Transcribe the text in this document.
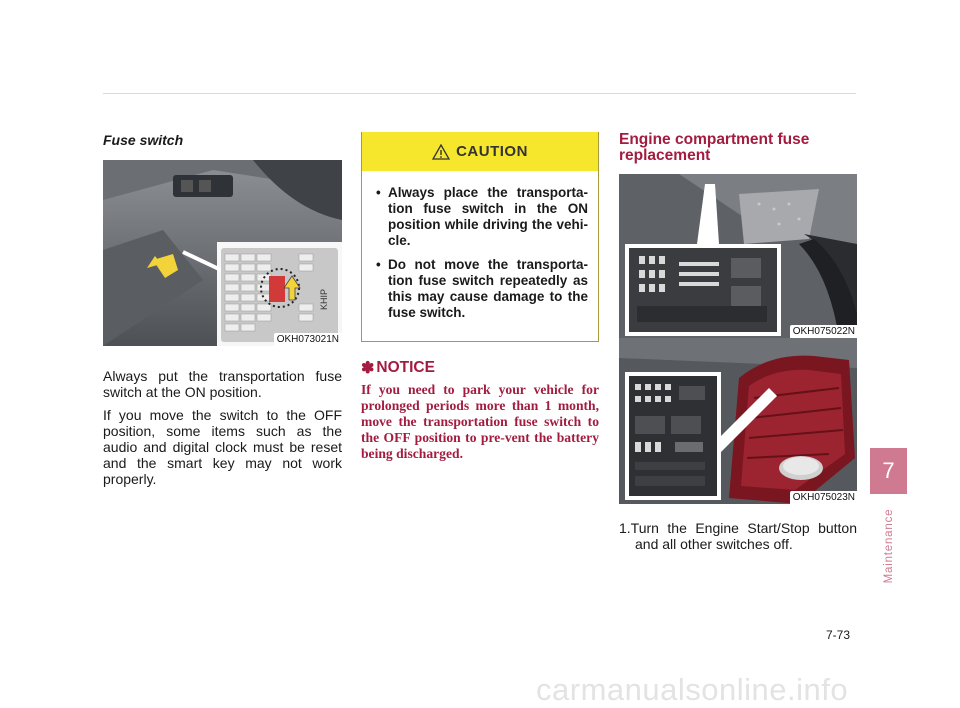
Fuse switch
KHIP
OKH073021N

Always put the transportation fuse switch at the ON position.

If you move the switch to the OFF position, some items such as the audio and digital clock must be reset and the smart key may not work properly.

CAUTION
• Always place the transporta-tion fuse switch in the ON position while driving the vehi-cle.
• Do not move the transporta-tion fuse switch repeatedly as this may cause damage to the fuse switch.
✽ NOTICE

If you need to park your vehicle for prolonged periods more than 1 month, move the transportation fuse switch to the OFF position to pre-vent the battery being discharged.

Engine compartment fuse replacement
OKH075022N
OKH075023N

1.Turn the Engine Start/Stop button and all other switches off.

7
Maintenance
7-73
carmanualsonline.info
